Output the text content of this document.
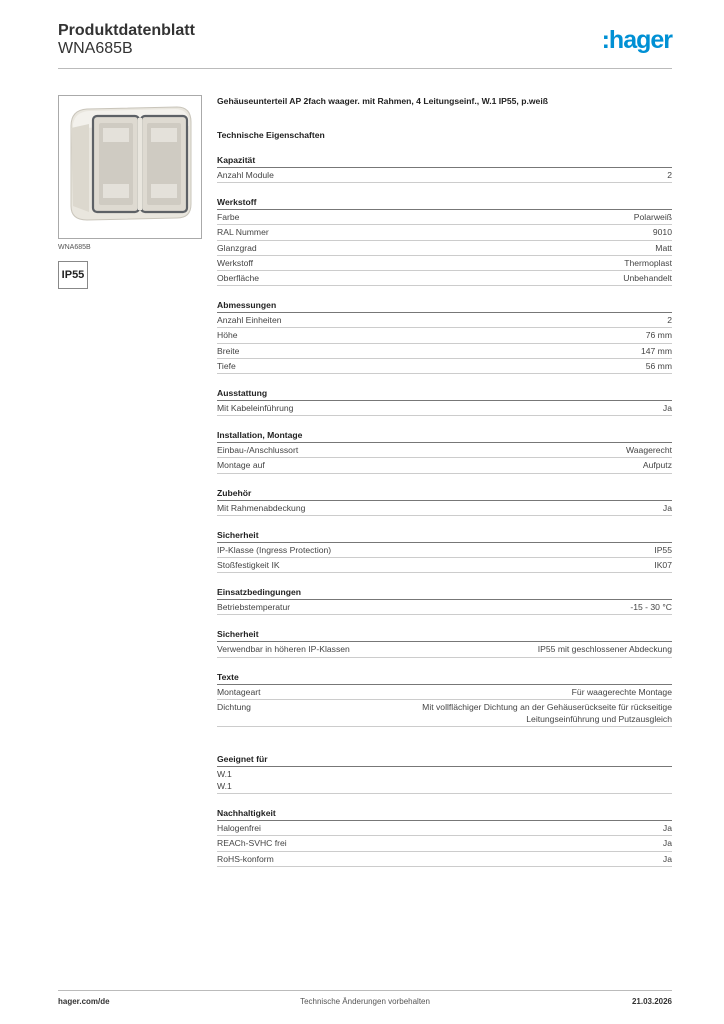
Produktdatenblatt
WNA685B	:hager
WNA685B
IP55
Gehäuseunterteil AP 2fach waager. mit Rahmen, 4 Leitungseinf., W.1 IP55, p.weiß
Technische Eigenschaften
Kapazität
Anzahl Module	2
Werkstoff
Farbe	Polarweiß
RAL Nummer	9010
Glanzgrad	Matt
Werkstoff	Thermoplast
Oberfläche	Unbehandelt
Abmessungen
Anzahl Einheiten	2
Höhe	76 mm
Breite	147 mm
Tiefe	56 mm
Ausstattung
Mit Kabeleinführung	Ja
Installation, Montage
Einbau-/Anschlussort	Waagerecht
Montage auf	Aufputz
Zubehör
Mit Rahmenabdeckung	Ja
Sicherheit
IP-Klasse (Ingress Protection)	IP55
Stoßfestigkeit IK	IK07
Einsatzbedingungen
Betriebstemperatur	-15 - 30 °C
Sicherheit
Verwendbar in höheren IP-Klassen	IP55 mit geschlossener Abdeckung
Texte
Montageart	Für waagerechte Montage
Dichtung	Mit vollflächiger Dichtung an der Gehäuserückseite für rückseitige Leitungseinführung und Putzausgleich
Geeignet für
W.1
W.1
Nachhaltigkeit
Halogenfrei	Ja
REACh-SVHC frei	Ja
RoHS-konform	Ja
hager.com/de	Technische Änderungen vorbehalten	21.03.2026
